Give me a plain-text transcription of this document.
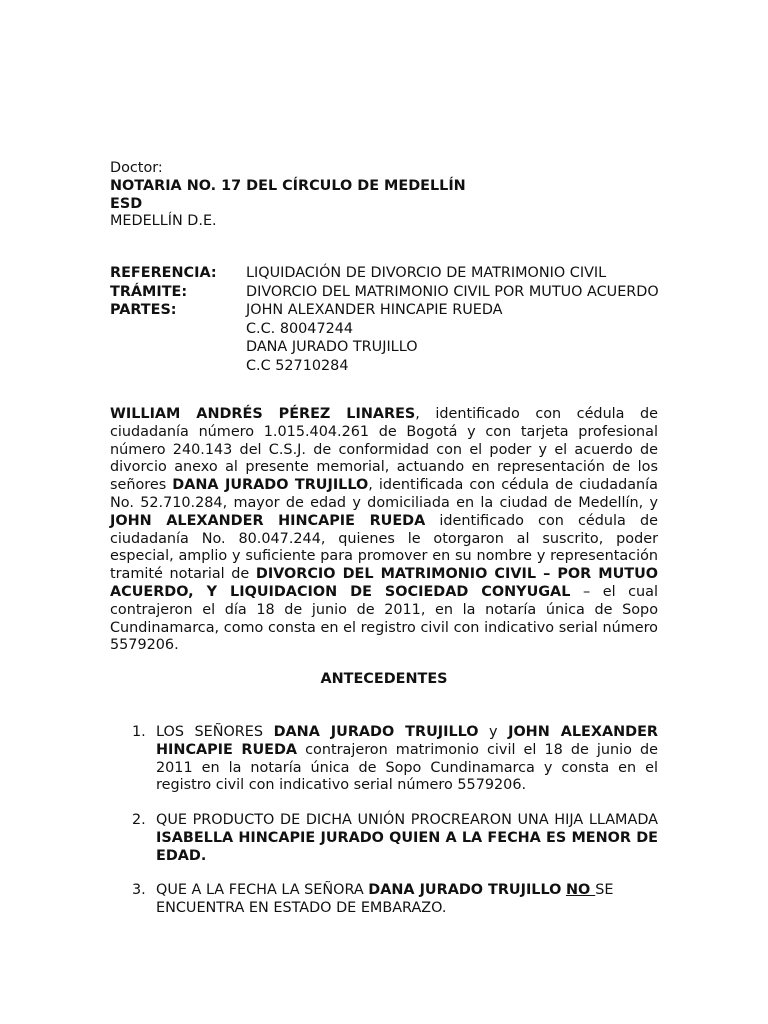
Doctor:
NOTARIA NO. 17 DEL CÍRCULO DE MEDELLÍN
ESD
MEDELLÍN D.E.
REFERENCIA:	LIQUIDACIÓN DE DIVORCIO DE MATRIMONIO CIVIL
TRÁMITE:	DIVORCIO DEL MATRIMONIO CIVIL POR MUTUO ACUERDO
PARTES:	JOHN ALEXANDER HINCAPIE RUEDA
C.C. 80047244
DANA JURADO TRUJILLO
C.C 52710284
WILLIAM ANDRÉS PÉREZ LINARES, identificado con cédula de ciudadanía número 1.015.404.261 de Bogotá y con tarjeta profesional número 240.143 del C.S.J. de conformidad con el poder y el acuerdo de divorcio anexo al presente memorial, actuando en representación de los señores DANA JURADO TRUJILLO, identificada con cédula de ciudadanía No. 52.710.284, mayor de edad y domiciliada en la ciudad de Medellín, y JOHN ALEXANDER HINCAPIE RUEDA identificado con cédula de ciudadanía No. 80.047.244, quienes le otorgaron al suscrito, poder especial, amplio y suficiente para promover en su nombre y representación tramité notarial de DIVORCIO DEL MATRIMONIO CIVIL – POR MUTUO ACUERDO, Y LIQUIDACION DE SOCIEDAD CONYUGAL – el cual contrajeron el día 18 de junio de 2011, en la notaría única de Sopo Cundinamarca, como consta en el registro civil con indicativo serial número 5579206.
ANTECEDENTES
1. LOS SEÑORES DANA JURADO TRUJILLO y JOHN ALEXANDER HINCAPIE RUEDA contrajeron matrimonio civil el 18 de junio de 2011 en la notaría única de Sopo Cundinamarca y consta en el registro civil con indicativo serial número 5579206.
2. QUE PRODUCTO DE DICHA UNIÓN PROCREARON UNA HIJA LLAMADA ISABELLA HINCAPIE JURADO QUIEN A LA FECHA ES MENOR DE EDAD.
3. QUE A LA FECHA LA SEÑORA DANA JURADO TRUJILLO NO SE ENCUENTRA EN ESTADO DE EMBARAZO.
